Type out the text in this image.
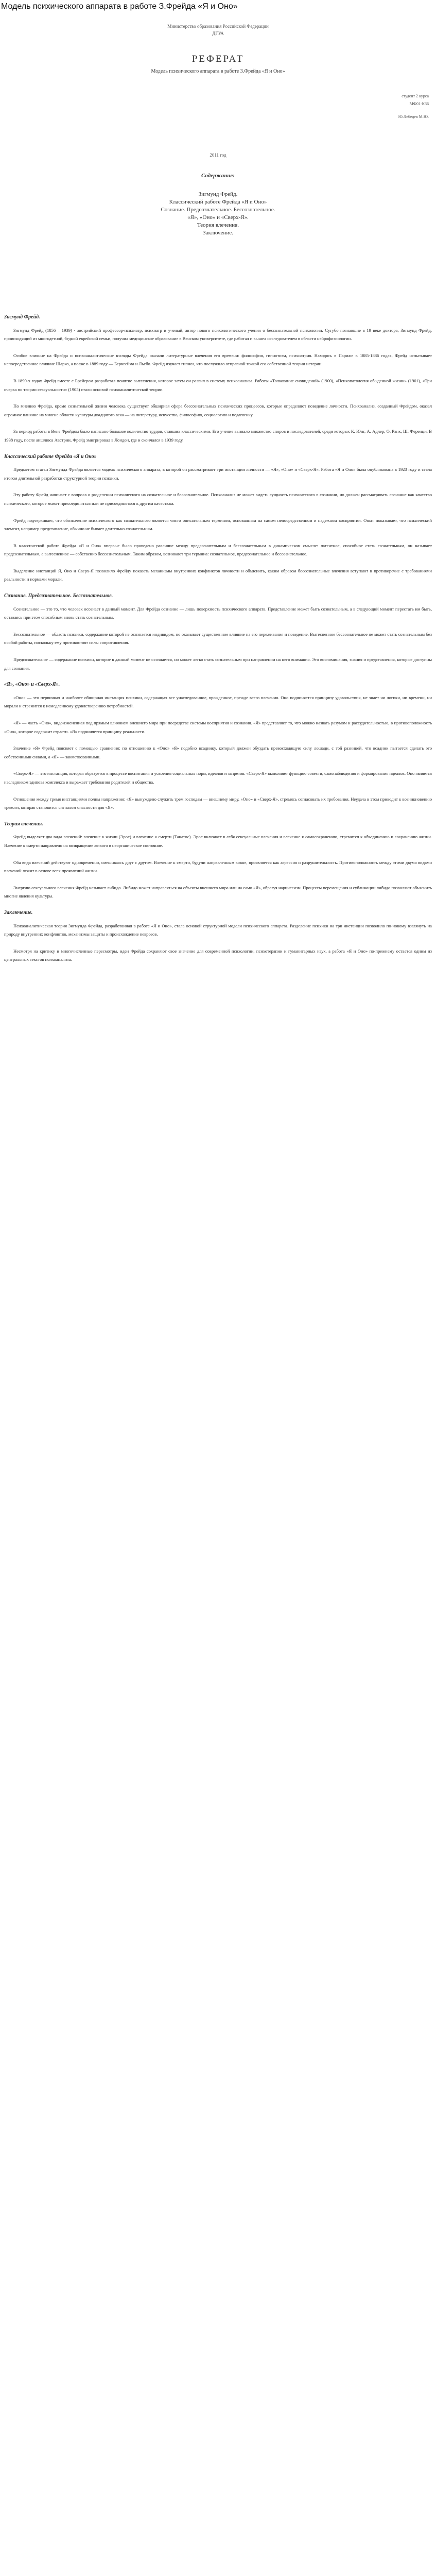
Модель психического аппарата в работе З.Фрейда «Я и Оно»
Министерство образования Российской Федерации
ДГУА
РЕФЕРАТ
Модель психического аппарата в работе З.Фрейда «Я и Оно»
студент 2 курса
МФ01-КЗ6
Ю.Лебедев М.Ю.
2011 год
Содержание:
Зигмунд Фрейд.
Классический работе Фрейда «Я и Оно»
Сознание. Предсознательное. Бессознательное.
«Я», «Оно» и «Сверх-Я».
Теория влечения.
Заключение.
Зигмунд Фрейд.

Зигмунд Фрейд (1856 – 1939) - австрийский профессор-психиатр, психиатр и ученый, автор нового психологического учения о бессознательной психологии. Сугубо познавшие в 19 веке доктора, Зигмунд Фрейд, происходящий из многодетной, бедной еврейской семьи, получил медицинское образование в Венском университете, где работал и вышел исследователем в области нейрофизиологии.

Особое влияние на Фрейда и психоаналитические взгляды Фрейда оказали литературные влечения его времени: философия, гипнотизм, психиатрия. Находясь в Париже в 1885-1886 годах, Фрейд испытывает непосредственное влияние Шарко, а позже в 1889 году — Бернгейма и Льебо. Фрейд изучает гипноз, что послужило отправной точкой его собственной теории истерии.

В 1890-х годах Фрейд вместе с Брейером разработал понятие вытеснения, которое затем он развил в систему психоанализа. Работы «Толкование сновидений» (1900), «Психопатология обыденной жизни» (1901), «Три очерка по теории сексуальности» (1905) стали основой психоаналитической теории.

По мнению Фрейда, кроме сознательной жизни человека существует обширная сфера бессознательных психических процессов, которые определяют поведение личности. Психоанализ, созданный Фрейдом, оказал огромное влияние на многие области культуры двадцатого века — на литературу, искусство, философию, социологию и педагогику.

За период работы в Вене Фрейдом было написано большое количество трудов, ставших классическими. Его учение вызвало множество споров и последователей, среди которых К. Юнг, А. Адлер, О. Ранк, Ш. Ференци. В 1938 году, после аншлюса Австрии, Фрейд эмигрировал в Лондон, где и скончался в 1939 году.

Классический работе Фрейда «Я и Оно»

Предметом статьи Зигмунда Фрейда является модель психического аппарата, в которой он рассматривает три инстанции личности — «Я», «Оно» и «Сверх-Я». Работа «Я и Оно» была опубликована в 1923 году и стала итогом длительной разработки структурной теории психики.

Эту работу Фрейд начинает с вопроса о разделении психического на сознательное и бессознательное. Психоанализ не может видеть сущность психического в сознании, но должен рассматривать сознание как качество психического, которое может присоединяться или не присоединяться к другим качествам.

Фрейд подчеркивает, что обозначение психического как сознательного является чисто описательным термином, основанным на самом непосредственном и надежном восприятии. Опыт показывает, что психический элемент, например представление, обычно не бывает длительно сознательным.

В классической работе Фрейда «Я и Оно» впервые было проведено различие между предсознательным и бессознательным в динамическом смысле: латентное, способное стать сознательным, он называет предсознательным, а вытесненное — собственно бессознательным. Таким образом, возникают три термина: сознательное, предсознательное и бессознательное.

Выделение инстанций Я, Оно и Сверх-Я позволило Фрейду показать механизмы внутренних конфликтов личности и объяснить, каким образом бессознательные влечения вступают в противоречие с требованиями реальности и нормами морали.

Сознание. Предсознательное. Бессознательное.

Сознательное — это то, что человек осознает в данный момент. Для Фрейда сознание — лишь поверхность психического аппарата. Представление может быть сознательным, а в следующий момент перестать им быть, оставаясь при этом способным вновь стать сознательным.

Бессознательное — область психики, содержание которой не осознается индивидом, но оказывает существенное влияние на его переживания и поведение. Вытесненное бессознательное не может стать сознательным без особой работы, поскольку ему противостоят силы сопротивления.

Предсознательное — содержание психики, которое в данный момент не осознается, но может легко стать сознательным при направлении на него внимания. Это воспоминания, знания и представления, которые доступны для сознания.

«Я», «Оно» и «Сверх-Я».

«Оно» — это первичная и наиболее обширная инстанция психики, содержащая все унаследованное, врожденное, прежде всего влечения. Оно подчиняется принципу удовольствия, не знает ни логики, ни времени, ни морали и стремится к немедленному удовлетворению потребностей.

«Я» — часть «Оно», видоизмененная под прямым влиянием внешнего мира при посредстве системы восприятия и сознания. «Я» представляет то, что можно назвать разумом и рассудительностью, в противоположность «Оно», которое содержит страсти. «Я» подчиняется принципу реальности.

Значение «Я» Фрейд поясняет с помощью сравнения: по отношению к «Оно» «Я» подобно всаднику, который должен обуздать превосходящую силу лошади, с той разницей, что всадник пытается сделать это собственными силами, а «Я» — заимствованными.

«Сверх-Я» — это инстанция, которая образуется в процессе воспитания и усвоения социальных норм, идеалов и запретов. «Сверх-Я» выполняет функцию совести, самонаблюдения и формирования идеалов. Оно является наследником эдипова комплекса и выражает требования родителей и общества.

Отношения между тремя инстанциями полны напряжения: «Я» вынуждено служить трем господам — внешнему миру, «Оно» и «Сверх-Я», стремясь согласовать их требования. Неудача в этом приводит к возникновению тревоги, которая становится сигналом опасности для «Я».

Теория влечения.

Фрейд выделяет два вида влечений: влечение к жизни (Эрос) и влечение к смерти (Танатос). Эрос включает в себя сексуальные влечения и влечение к самосохранению, стремится к объединению и сохранению жизни. Влечение к смерти направлено на возвращение живого в неорганическое состояние.

Оба вида влечений действуют одновременно, смешиваясь друг с другом. Влечение к смерти, будучи направленным вовне, проявляется как агрессия и разрушительность. Противоположность между этими двумя видами влечений лежит в основе всех проявлений жизни.

Энергию сексуального влечения Фрейд называет либидо. Либидо может направляться на объекты внешнего мира или на само «Я», образуя нарциссизм. Процессы перемещения и сублимации либидо позволяют объяснить многие явления культуры.

Заключение.

Психоаналитическая теория Зигмунда Фрейда, разработанная в работе «Я и Оно», стала основой структурной модели психического аппарата. Разделение психики на три инстанции позволило по-новому взглянуть на природу внутренних конфликтов, механизмы защиты и происхождение неврозов.

Несмотря на критику и многочисленные пересмотры, идеи Фрейда сохраняют свое значение для современной психологии, психотерапии и гуманитарных наук, а работа «Я и Оно» по-прежнему остается одним из центральных текстов психоанализа.
